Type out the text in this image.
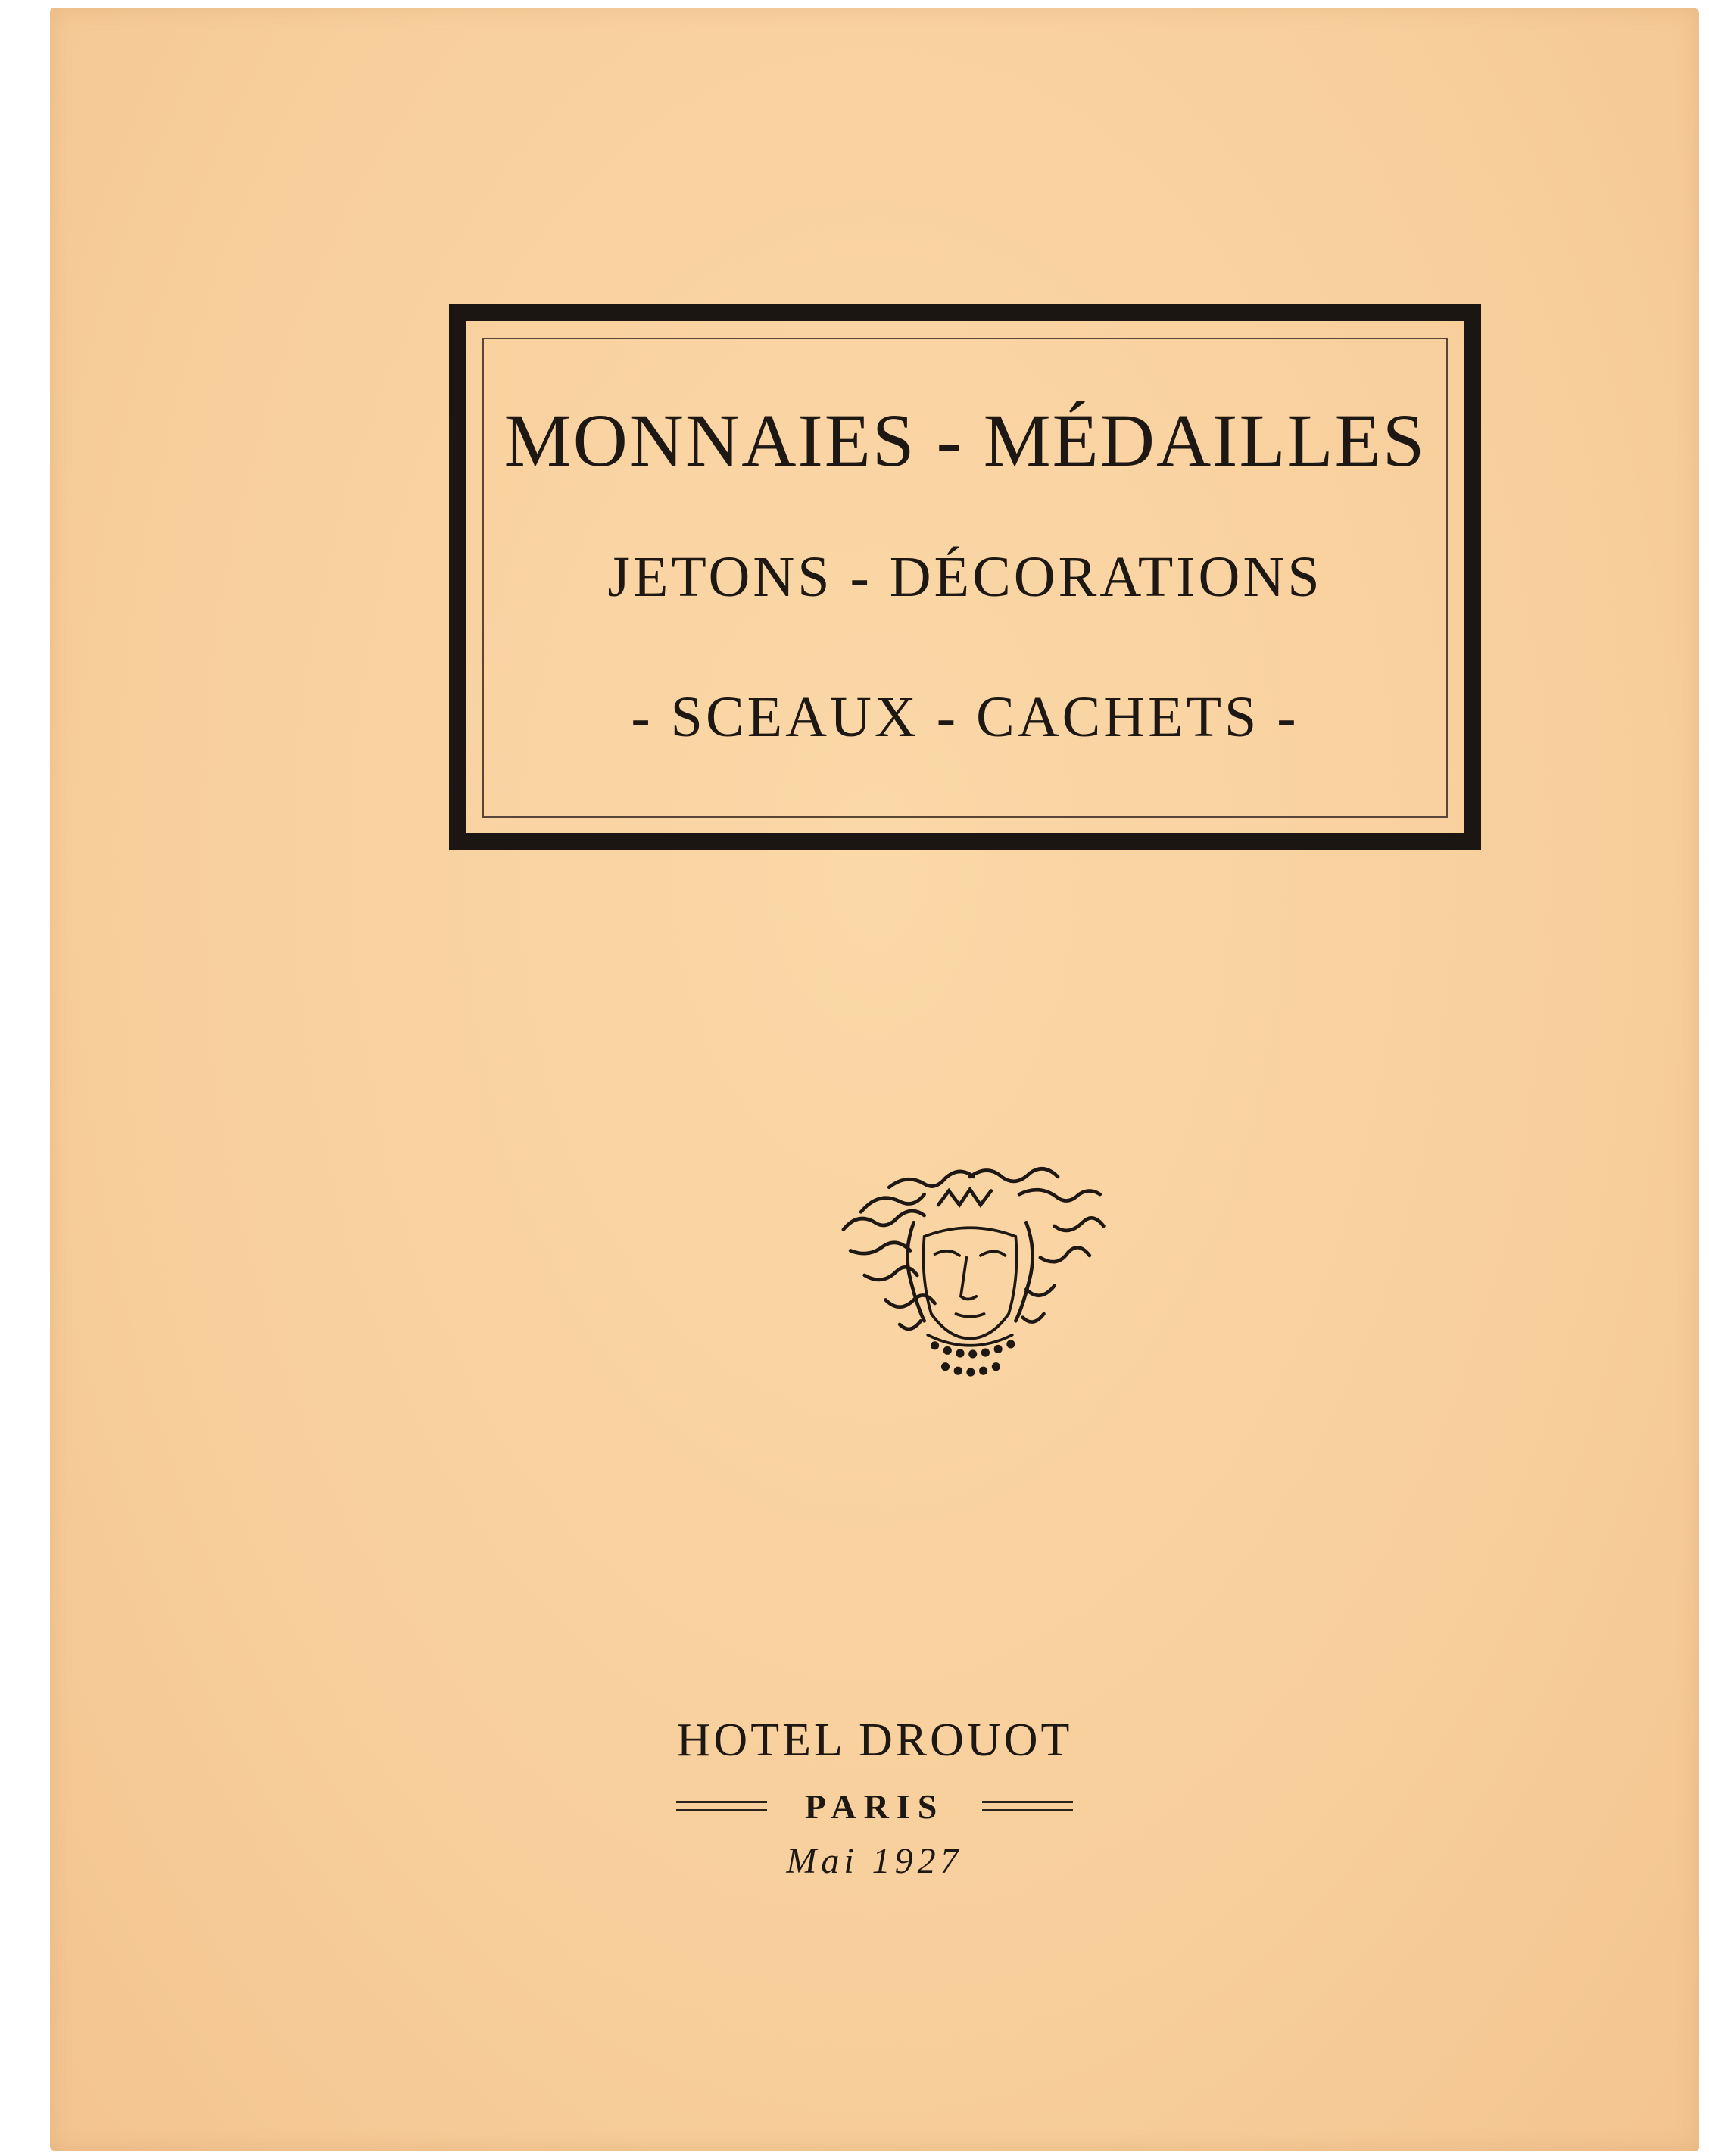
MONNAIES - MÉDAILLES
JETONS - DÉCORATIONS
- SCEAUX - CACHETS -
HOTEL DROUOT
PARIS
Mai 1927
